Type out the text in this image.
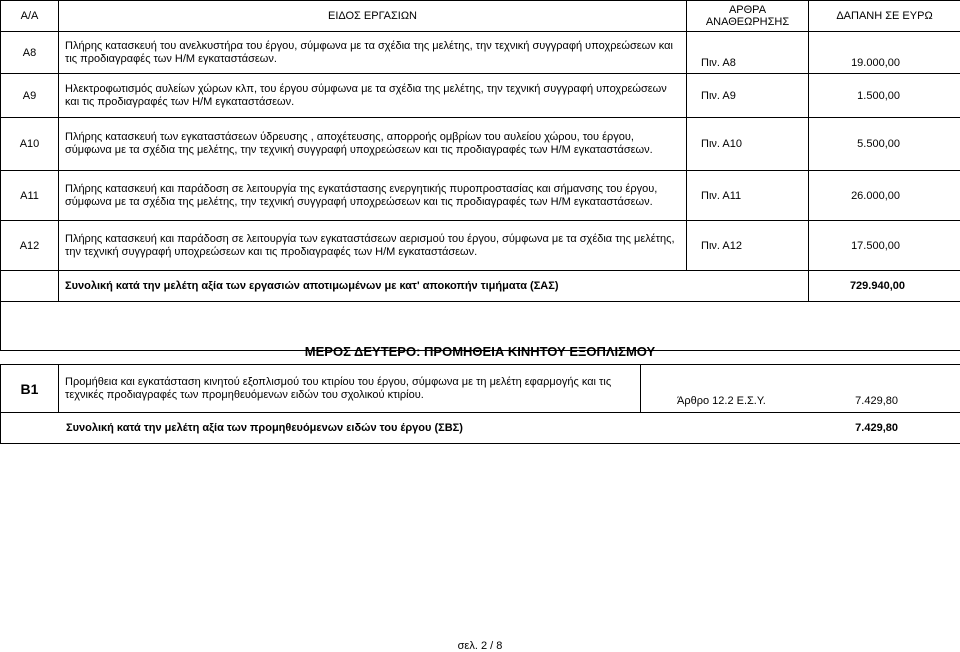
Α/Α	ΕΙΔΟΣ ΕΡΓΑΣΙΩΝ	ΑΡΘΡΑ ΑΝΑΘΕΩΡΗΣΗΣ	ΔΑΠΑΝΗ ΣΕ ΕΥΡΩ
Α8	Πλήρης κατασκευή του ανελκυστήρα του έργου, σύμφωνα με τα σχέδια της μελέτης, την τεχνική συγγραφή υποχρεώσεων και τις προδιαγραφές των Η/Μ εγκαταστάσεων.	Πιν. Α8	19.000,00
Α9	Ηλεκτροφωτισμός αυλείων χώρων κλπ, του έργου σύμφωνα με τα σχέδια της μελέτης, την τεχνική συγγραφή υποχρεώσεων και τις προδιαγραφές των Η/Μ εγκαταστάσεων.	Πιν. Α9	1.500,00
Α10	Πλήρης κατασκευή των εγκαταστάσεων ύδρευσης , αποχέτευσης, απορροής ομβρίων του αυλείου χώρου, του έργου, σύμφωνα με τα σχέδια της μελέτης, την τεχνική συγγραφή υποχρεώσεων και τις προδιαγραφές των Η/Μ εγκαταστάσεων.	Πιν. Α10	5.500,00
Α11	Πλήρης κατασκευή και παράδοση σε λειτουργία της εγκατάστασης ενεργητικής πυροπροστασίας και σήμανσης του έργου, σύμφωνα με τα σχέδια της μελέτης, την τεχνική συγγραφή υποχρεώσεων και τις προδιαγραφές των Η/Μ εγκαταστάσεων.	Πιν. Α11	26.000,00
Α12	Πλήρης κατασκευή και παράδοση σε λειτουργία των εγκαταστάσεων αερισμού του έργου, σύμφωνα με τα σχέδια της μελέτης, την τεχνική συγγραφή υποχρεώσεων και τις προδιαγραφές των Η/Μ εγκαταστάσεων.	Πιν. Α12	17.500,00
	Συνολική κατά την μελέτη αξία των εργασιών αποτιμωμένων με κατ' αποκοπήν τιμήματα (ΣΑΣ)		729.940,00

ΜΕΡΟΣ ΔΕΥΤΕΡΟ: ΠΡΟΜΗΘΕΙΑ ΚΙΝΗΤΟΥ ΕΞΟΠΛΙΣΜΟΥ
Β1	Προμήθεια και εγκατάσταση κινητού εξοπλισμού του κτιρίου του έργου, σύμφωνα με τη μελέτη εφαρμογής και τις τεχνικές προδιαγραφές των προμηθευόμενων ειδών του σχολικού κτιρίου.	Άρθρο 12.2 Ε.Σ.Υ.	7.429,80
Συνολική κατά την μελέτη αξία των προμηθευόμενων ειδών του έργου (ΣΒΣ)			7.429,80
σελ. 2 / 8
